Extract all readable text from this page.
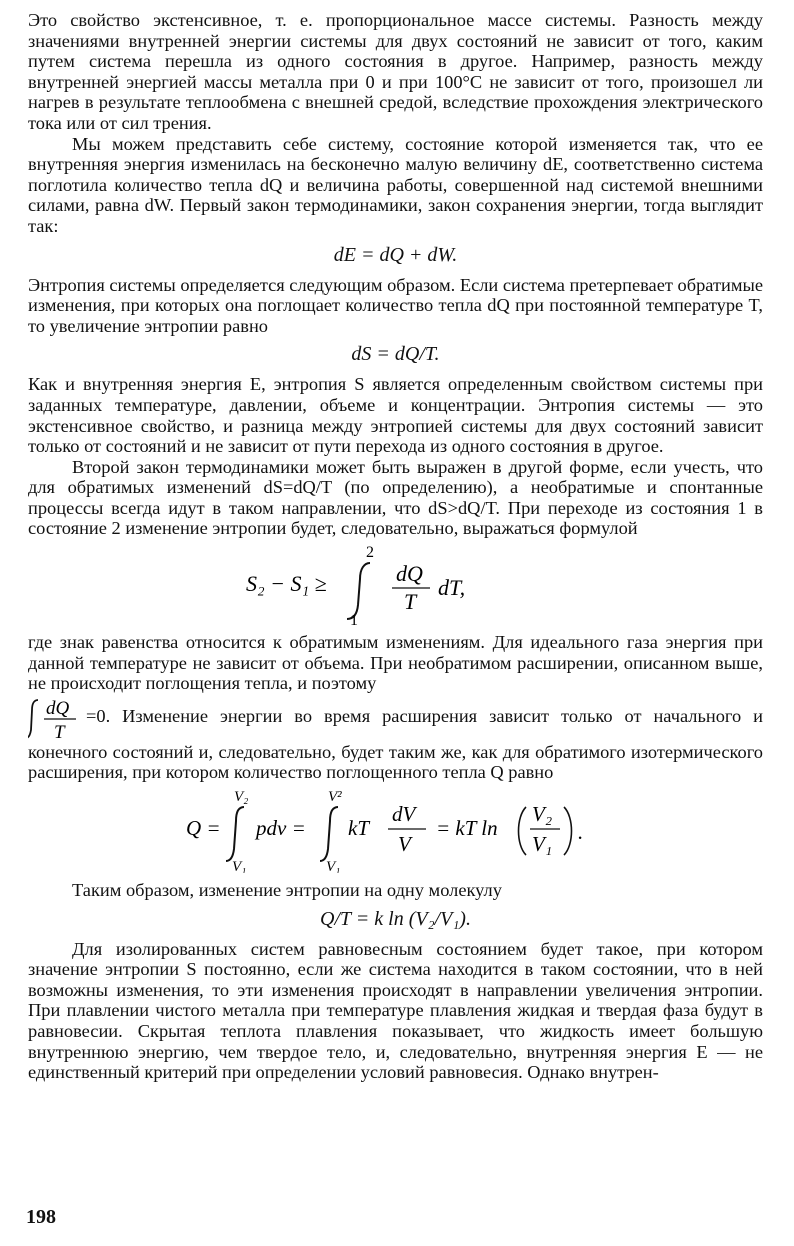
Это свойство экстенсивное, т. е. пропорциональное массе системы. Разность между значениями внутренней энергии системы для двух состояний не зависит от того, каким путем система перешла из одного состояния в другое. Например, разность между внутренней энергией массы металла при 0 и при 100°С не зависит от того, произошел ли нагрев в результате теплообмена с внешней средой, вследствие прохождения электрического тока или от сил трения.

Мы можем представить себе систему, состояние которой изменяется так, что ее внутренняя энергия изменилась на бесконечно малую величину dE, соответственно система поглотила количество тепла dQ и величина работы, совершенной над системой внешними силами, равна dW. Первый закон термодинамики, закон сохранения энергии, тогда выглядит так:

dE = dQ + dW.

Энтропия системы определяется следующим образом. Если система претерпевает обратимые изменения, при которых она поглощает количество тепла dQ при постоянной температуре T, то увеличение энтропии равно

dS = dQ/T.

Как и внутренняя энергия E, энтропия S является определенным свойством системы при заданных температуре, давлении, объеме и концентрации. Энтропия системы — это экстенсивное свойство, и разница между энтропией системы для двух состояний зависит только от состояний и не зависит от пути перехода из одного состояния в другое.

Второй закон термодинамики может быть выражен в другой форме, если учесть, что для обратимых изменений dS=dQ/T (по определению), а необратимые и спонтанные процессы всегда идут в таком направлении, что dS>dQ/T. При переходе из состояния 1 в состояние 2 изменение энтропии будет, следовательно, выражаться формулой

S₂ − S₁ ≥
2
1
dQ
T
dT,

где знак равенства относится к обратимым изменениям. Для идеального газа энергия при данной температуре не зависит от объема. При необратимом расширении, описанном выше, не происходит поглощения тепла, и поэтому

dQ
T
=0. Изменение энергии во время расширения зависит только от начального и конечного состояний и, следовательно, будет таким же, как для обратимого изотермического расширения, при котором количество поглощенного тепла Q равно

Q =
V₂
V₁
pdv =
V²
V₁
kT
dV
V
= kT ln
V₂
V₁ .

Таким образом, изменение энтропии на одну молекулу

Q/T = k ln (V₂/V₁).

Для изолированных систем равновесным состоянием будет такое, при котором значение энтропии S постоянно, если же система находится в таком состоянии, что в ней возможны изменения, то эти изменения происходят в направлении увеличения энтропии. При плавлении чистого металла при температуре плавления жидкая и твердая фаза будут в равновесии. Скрытая теплота плавления показывает, что жидкость имеет большую внутреннюю энергию, чем твердое тело, и, следовательно, внутренняя энергия E — не единственный критерий при определении условий равновесия. Однако внутрен-

198
